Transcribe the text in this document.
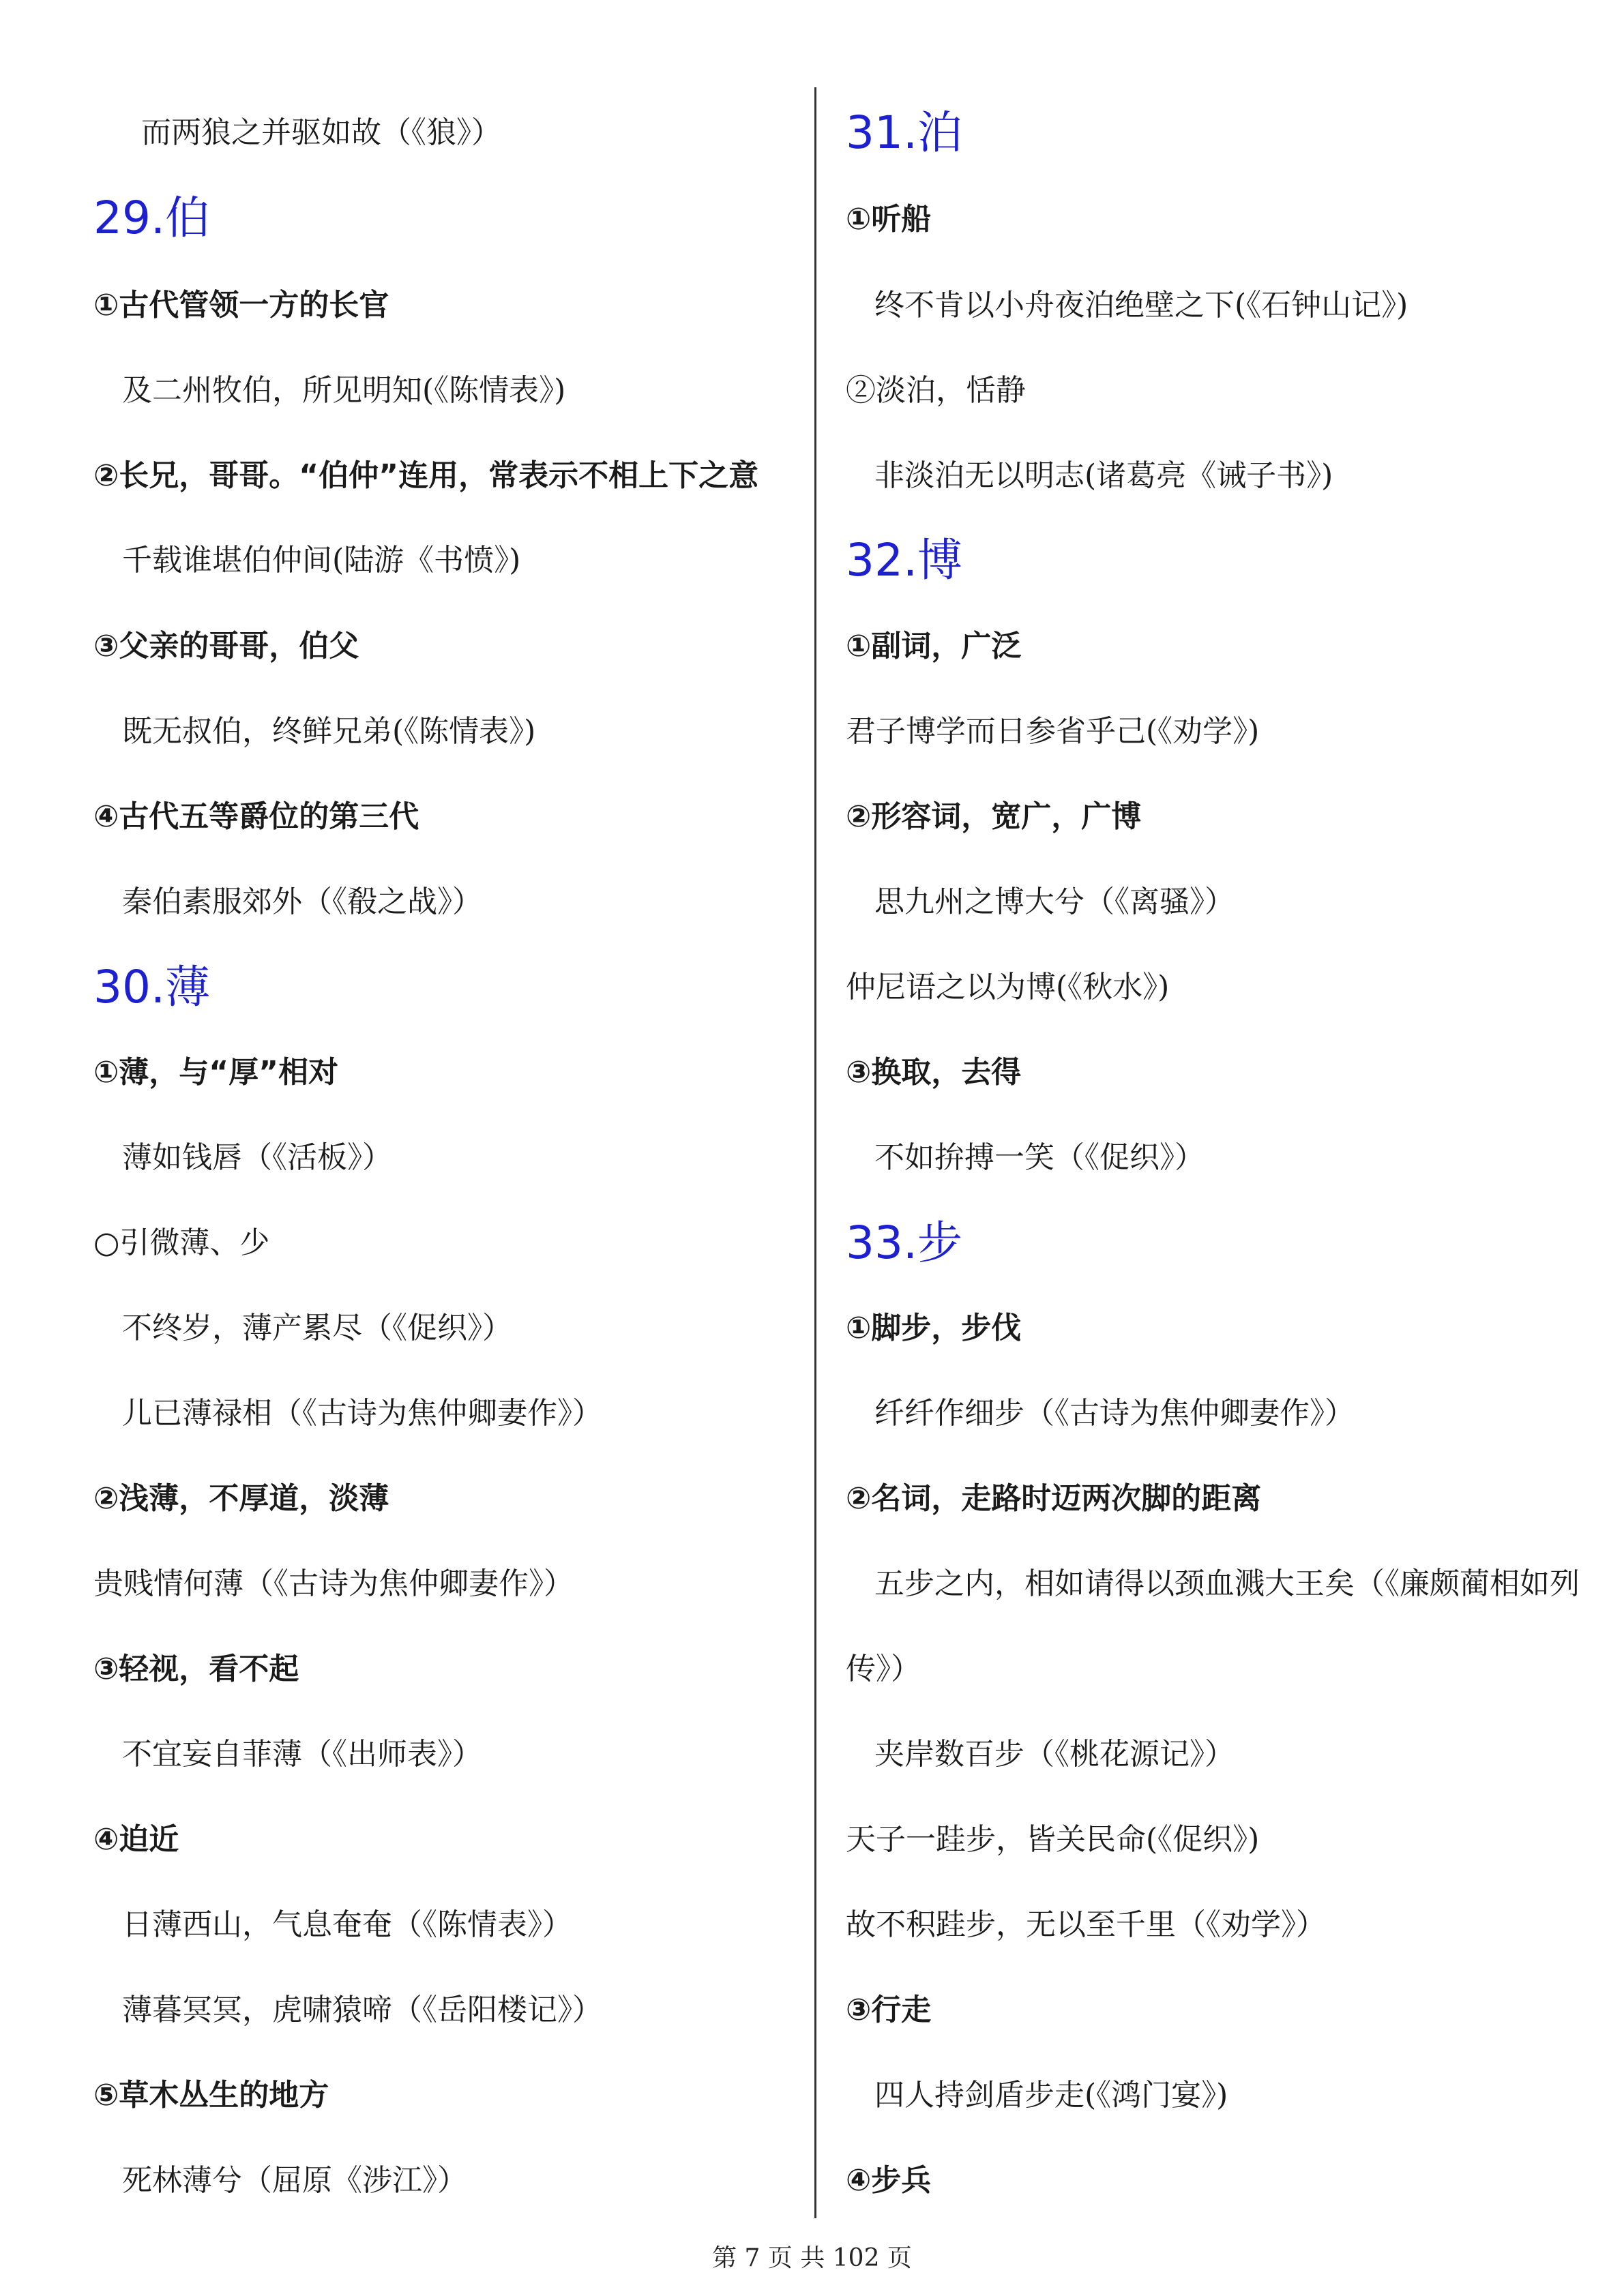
而两狼之并驱如故（《狼》）
29.伯
①古代管领一方的长官
及二州牧伯，所见明知(《陈情表》)
②长兄，哥哥。“伯仲”连用，常表示不相上下之意
千载谁堪伯仲间(陆游《书愤》)
③父亲的哥哥，伯父
既无叔伯，终鲜兄弟(《陈情表》)
④古代五等爵位的第三代
秦伯素服郊外（《殽之战》）
30.薄
①薄，与“厚”相对
薄如钱唇（《活板》）
○引微薄、少
不终岁，薄产累尽（《促织》）
儿已薄禄相（《古诗为焦仲卿妻作》）
②浅薄，不厚道，淡薄
贵贱情何薄（《古诗为焦仲卿妻作》）
③轻视，看不起
不宜妄自菲薄（《出师表》）
④迫近
日薄西山，气息奄奄（《陈情表》）
薄暮冥冥，虎啸猿啼（《岳阳楼记》）
⑤草木丛生的地方
死林薄兮（屈原《涉江》）
31.泊
①听船
终不肯以小舟夜泊绝壁之下(《石钟山记》)
②淡泊，恬静
非淡泊无以明志(诸葛亮《诫子书》)
32.博
①副词，广泛
君子博学而日参省乎己(《劝学》)
②形容词，宽广，广博
思九州之博大兮（《离骚》）
仲尼语之以为博(《秋水》)
③换取，去得
不如拚搏一笑（《促织》）
33.步
①脚步，步伐
纤纤作细步（《古诗为焦仲卿妻作》）
②名词，走路时迈两次脚的距离
五步之内，相如请得以颈血溅大王矣（《廉颇蔺相如列
传》）
夹岸数百步（《桃花源记》）
天子一跬步，皆关民命(《促织》)
故不积跬步，无以至千里（《劝学》）
③行走
四人持剑盾步走(《鸿门宴》)
④步兵
第 7 页 共 102 页
